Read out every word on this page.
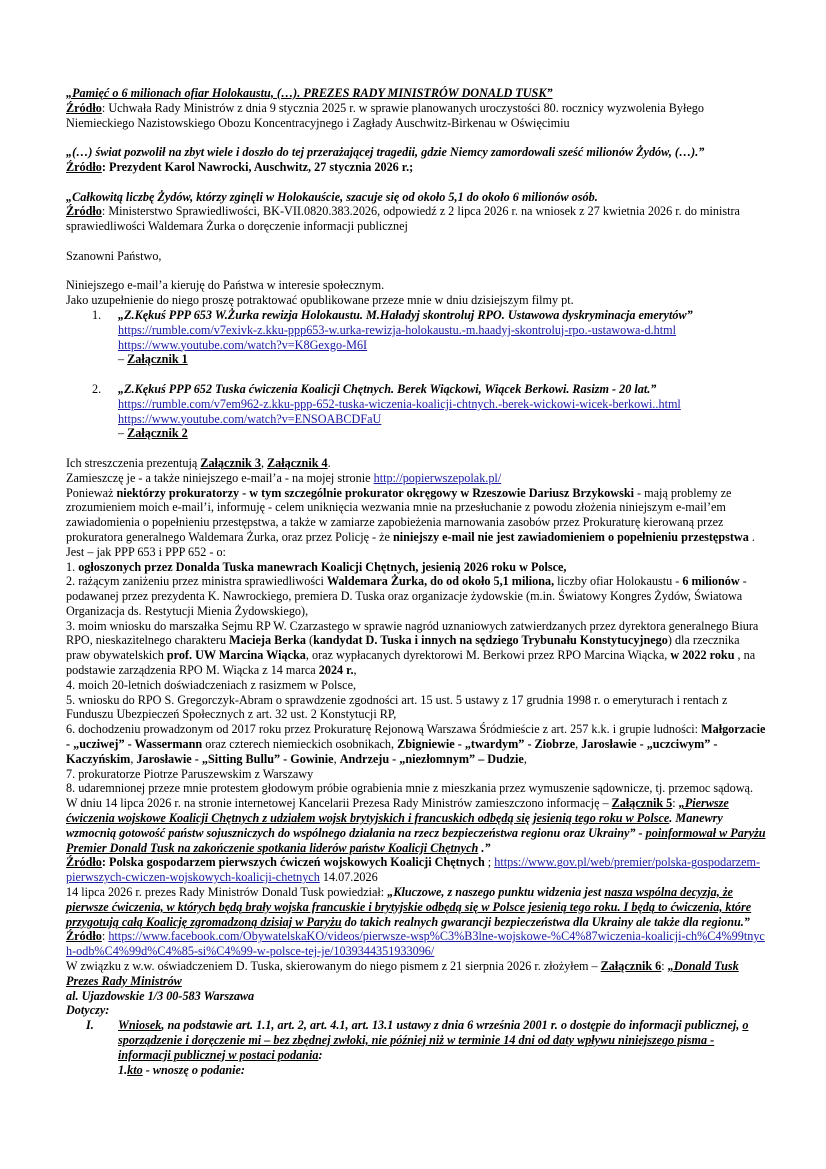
„Pamięć o 6 milionach ofiar Holokaustu, (…). PREZES RADY MINISTRÓW DONALD TUSK”

Źródło: Uchwała Rady Ministrów z dnia 9 stycznia 2025 r. w sprawie planowanych uroczystości 80. rocznicy wyzwolenia Byłego Niemieckiego Nazistowskiego Obozu Koncentracyjnego i Zagłady Auschwitz-Birkenau w Oświęcimiu

„(…) świat pozwolił na zbyt wiele i doszło do tej przerażającej tragedii, gdzie Niemcy zamordowali sześć milionów Żydów, (…).”

Źródło: Prezydent Karol Nawrocki, Auschwitz, 27 stycznia 2026 r.;

„Całkowitą liczbę Żydów, którzy zginęli w Holokauście, szacuje się od około 5,1 do około 6 milionów osób.

Źródło: Ministerstwo Sprawiedliwości, BK-VII.0820.383.2026, odpowiedź z 2 lipca 2026 r. na wniosek z 27 kwietnia 2026 r. do ministra sprawiedliwości Waldemara Żurka o doręczenie informacji publicznej

Szanowni Państwo,

Niniejszego e-mail’a kieruję do Państwa w interesie społecznym.

Jako uzupełnienie do niego proszę potraktować opublikowane przeze mnie w dniu dzisiejszym filmy pt.

1. „Z.Kękuś PPP 653 W.Żurka rewizja Holokaustu. M.Haładyj skontroluj RPO. Ustawowa dyskryminacja emerytów”

https://rumble.com/v7exivk-z.kku-ppp653-w.urka-rewizja-holokaustu.-m.haadyj-skontroluj-rpo.-ustawowa-d.html

https://www.youtube.com/watch?v=K8Gexgo-M6I

– Załącznik 1

2. „Z.Kękuś PPP 652 Tuska ćwiczenia Koalicji Chętnych. Berek Wiąckowi, Wiącek Berkowi. Rasizm - 20 lat.”

https://rumble.com/v7em962-z.kku-ppp-652-tuska-wiczenia-koalicji-chtnych.-berek-wickowi-wicek-berkowi..html

https://www.youtube.com/watch?v=ENSOABCDFaU

– Załącznik 2

Ich streszczenia prezentują Załącznik 3, Załącznik 4.

Zamieszczę je - a także niniejszego e-mail’a - na mojej stronie http://popierwszepolak.pl/

Ponieważ niektórzy prokuratorzy - w tym szczególnie prokurator okręgowy w Rzeszowie Dariusz Brzykowski - mają problemy ze zrozumieniem moich e-mail’i, informuję - celem uniknięcia wezwania mnie na przesłuchanie z powodu złożenia niniejszym e-mail’em zawiadomienia o popełnieniu przestępstwa, a także w zamiarze zapobieżenia marnowania zasobów przez Prokuraturę kierowaną przez prokuratora generalnego Waldemara Żurka, oraz przez Policję - że niniejszy e-mail nie jest zawiadomieniem o popełnieniu przestępstwa .

Jest – jak PPP 653 i PPP 652 - o:

1. ogłoszonych przez Donalda Tuska manewrach Koalicji Chętnych, jesienią 2026 roku w Polsce,

2. rażącym zaniżeniu przez ministra sprawiedliwości Waldemara Żurka, do od około 5,1 miliona, liczby ofiar Holokaustu - 6 milionów - podawanej przez prezydenta K. Nawrockiego, premiera D. Tuska oraz organizacje żydowskie (m.in. Światowy Kongres Żydów, Światowa Organizacja ds. Restytucji Mienia Żydowskiego),

3. moim wniosku do marszałka Sejmu RP W. Czarzastego w sprawie nagród uznaniowych zatwierdzanych przez dyrektora generalnego Biura RPO, nieskazitelnego charakteru Macieja Berka (kandydat D. Tuska i innych na sędziego Trybunału Konstytucyjnego) dla rzecznika praw obywatelskich prof. UW Marcina Wiącka, oraz wypłacanych dyrektorowi M. Berkowi przez RPO Marcina Wiącka, w 2022 roku , na podstawie zarządzenia RPO M. Wiącka z 14 marca 2024 r.,

4. moich 20-letnich doświadczeniach z rasizmem w Polsce,

5. wniosku do RPO S. Gregorczyk-Abram o sprawdzenie zgodności art. 15 ust. 5 ustawy z 17 grudnia 1998 r. o emeryturach i rentach z Funduszu Ubezpieczeń Społecznych z art. 32 ust. 2 Konstytucji RP,

6. dochodzeniu prowadzonym od 2017 roku przez Prokuraturę Rejonową Warszawa Śródmieście z art. 257 k.k. i grupie ludności: Małgorzacie - „ucziwej” - Wassermann oraz czterech niemieckich osobnikach, Zbigniewie - „twardym” - Ziobrze, Jarosławie - „uczciwym” - Kaczyńskim, Jarosławie - „Sitting Bullu” - Gowinie, Andrzeju - „niezłomnym” – Dudzie,

7. prokuratorze Piotrze Paruszewskim z Warszawy

8. udaremnionej przeze mnie protestem głodowym próbie ograbienia mnie z mieszkania przez wymuszenie sądownicze, tj. przemoc sądową.

W dniu 14 lipca 2026 r. na stronie internetowej Kancelarii Prezesa Rady Ministrów zamieszczono informację – Załącznik 5: „Pierwsze ćwiczenia wojskowe Koalicji Chętnych z udziałem wojsk brytyjskich i francuskich odbędą się jesienią tego roku w Polsce. Manewry wzmocnią gotowość państw sojuszniczych do wspólnego działania na rzecz bezpieczeństwa regionu oraz Ukrainy” - poinformował w Paryżu Premier Donald Tusk na zakończenie spotkania liderów państw Koalicji Chętnych .”

Źródło: Polska gospodarzem pierwszych ćwiczeń wojskowych Koalicji Chętnych ; https://www.gov.pl/web/premier/polska-gospodarzem-pierwszych-cwiczen-wojskowych-koalicji-chetnych 14.07.2026

14 lipca 2026 r. prezes Rady Ministrów Donald Tusk powiedział: „Kluczowe, z naszego punktu widzenia jest nasza wspólna decyzja, że pierwsze ćwiczenia, w których będą brały wojska francuskie i brytyjskie odbędą się w Polsce jesienią tego roku. I będą to ćwiczenia, które przygotują całą Koalicję zgromadzoną dzisiaj w Paryżu do takich realnych gwarancji bezpieczeństwa dla Ukrainy ale także dla regionu.”

Źródło: https://www.facebook.com/ObywatelskaKO/videos/pierwsze-wsp%C3%B3lne-wojskowe-%C4%87wiczenia-koalicji-ch%C4%99tnych-odb%C4%99d%C4%85-si%C4%99-w-polsce-tej-je/1039344351933096/

W związku z w.w. oświadczeniem D. Tuska, skierowanym do niego pismem z 21 sierpnia 2026 r. złożyłem – Załącznik 6: „Donald Tusk Prezes Rady Ministrów

al. Ujazdowskie 1/3 00-583 Warszawa

Dotyczy:

I. Wniosek, na podstawie art. 1.1, art. 2, art. 4.1, art. 13.1 ustawy z dnia 6 września 2001 r. o dostępie do informacji publicznej, o sporządzenie i doręczenie mi – bez zbędnej zwłoki, nie później niż w terminie 14 dni od daty wpływu niniejszego pisma - informacji publicznej w postaci podania:

1.kto - wnoszę o podanie:
